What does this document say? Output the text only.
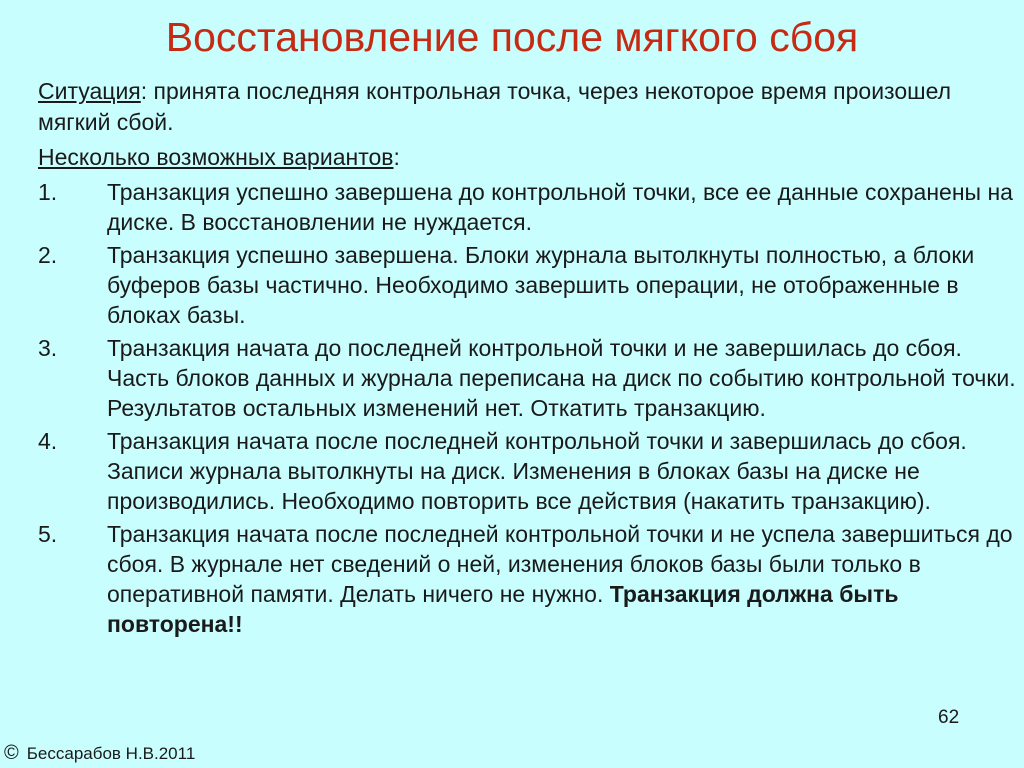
Восстановление после мягкого сбоя

Ситуация: принята последняя контрольная точка, через некоторое время произошел мягкий сбой.

Несколько возможных вариантов:

1.	Транзакция успешно завершена до контрольной точки, все ее данные сохранены на диске. В восстановлении не нуждается.
2.	Транзакция успешно завершена. Блоки журнала вытолкнуты полностью, а блоки буферов базы частично. Необходимо завершить операции, не отображенные в блоках базы.
3.	Транзакция начата до последней контрольной точки и не завершилась до сбоя. Часть блоков данных и журнала переписана на диск по событию контрольной точки. Результатов остальных изменений нет. Откатить транзакцию.
4.	Транзакция начата после последней контрольной точки и завершилась до сбоя. Записи журнала вытолкнуты на диск. Изменения в блоках базы на диске не производились. Необходимо повторить все действия (накатить транзакцию).
5.	Транзакция начата после последней контрольной точки и не успела завершиться до сбоя. В журнале нет сведений о ней, изменения блоков базы были только в оперативной памяти. Делать ничего не нужно. Транзакция должна быть повторена!!
62
© Бессарабов Н.В.2011
